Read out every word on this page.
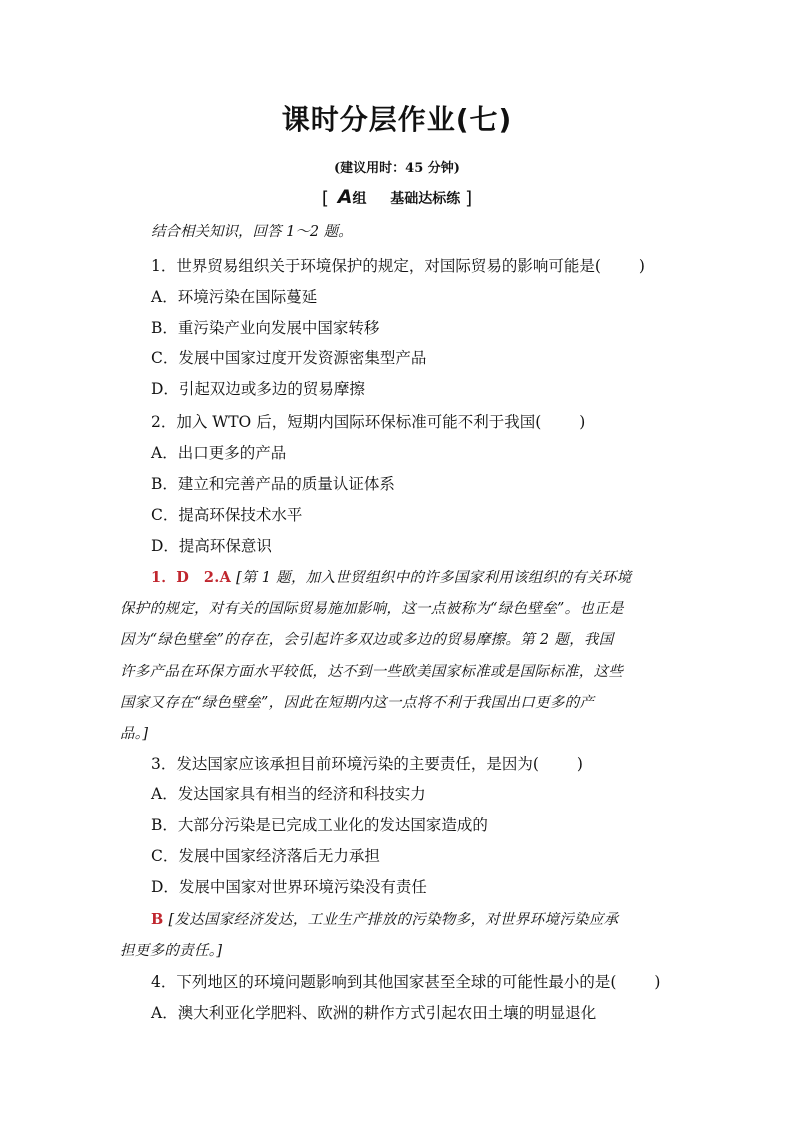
课时分层作业(七)
(建议用时：45 分钟)
[ A组 基础达标练 ]
结合相关知识，回答 1～2 题。
1．世界贸易组织关于环境保护的规定，对国际贸易的影响可能是( )
A．环境污染在国际蔓延
B．重污染产业向发展中国家转移
C．发展中国家过度开发资源密集型产品
D．引起双边或多边的贸易摩擦
2．加入 WTO 后，短期内国际环保标准可能不利于我国( )
A．出口更多的产品
B．建立和完善产品的质量认证体系
C．提高环保技术水平
D．提高环保意识
1．D　2.A [第 1 题，加入世贸组织中的许多国家利用该组织的有关环境
保护的规定，对有关的国际贸易施加影响，这一点被称为“绿色壁垒”。也正是
因为“绿色壁垒”的存在，会引起许多双边或多边的贸易摩擦。第 2 题，我国
许多产品在环保方面水平较低，达不到一些欧美国家标准或是国际标准，这些
国家又存在“绿色壁垒”，因此在短期内这一点将不利于我国出口更多的产
品。]
3．发达国家应该承担目前环境污染的主要责任，是因为( )
A．发达国家具有相当的经济和科技实力
B．大部分污染是已完成工业化的发达国家造成的
C．发展中国家经济落后无力承担
D．发展中国家对世界环境污染没有责任
B [发达国家经济发达，工业生产排放的污染物多，对世界环境污染应承
担更多的责任。]
4．下列地区的环境问题影响到其他国家甚至全球的可能性最小的是( )
A．澳大利亚化学肥料、欧洲的耕作方式引起农田土壤的明显退化
